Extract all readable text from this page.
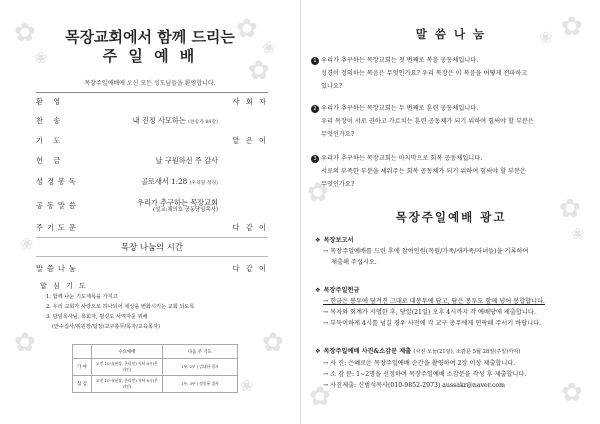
✿
❀
✿
❀
✿
❀
✿	✿
❀
목장교회에서 함께 드리는
주 일 예 배
목장주일예배에 오신 모든 성도님들을 환영합니다.
환 영	사 회 자
찬 송	내 진정 사모하는 (찬송가 88장)
기 도	맡 은 이
헌 금	날 구원하신 주 감사
성경봉독	골로새서 1:28 (우리말 성경)
공동말씀	우리가 추구하는 목장교회
(설교:채의호 공동담임목사)
주기도문	다 같 이
목장 나눔의 시간
말씀나눔	다 같 이
합 심 기 도
1. 함께 나눈 기도제목을 가지고
2. 우리 교회가 사랑으로 하나되어 세상을 변화시키는 교회 되도록
3. 담임목사님, 목회자, 평신도 사역자를 위해
(안수집사/위원장/팀장/교구총무/목자/교육목자)
	수요예배	다음 주 기도
가 야	오전 10시(현장, 온라인) 저녁 8시(온라인)	1부, 2부 | 김대한 집사
섬 김	오전 10시(현장, 온라인) 저녁 8시(온라인)	1부, 3부 | 정종윤 집사
✿
❀
✿
✿
❀
✿	✿
말 씀 나 눔
1 우리가 추구하는 목장교회는 첫 번째로 복음 공동체입니다.
성경이 정의하는 복음은 무엇인가요? 우리 목장은 이 복음을 어떻게 전파하고
있나요?
2 우리가 추구하는 목장교회는 두 번째로 훈련 공동체입니다.
우리 목장이 서로 권하고 가르치는 훈련 공동체가 되기 위하여 힘써야 할 부분은
무엇인가요?
3 우리가 추구하는 목장교회는 마지막으로 회복 공동체입니다.
서로의 부족한 부분을 세워주는 회복 공동체가 되기 위하여 힘써야 할 부분은
무엇인가요?
목장주일예배 광고
❖ 목장보고서
→ 목장주일예배를 드린 후에 참여인원(목원/가족/새가족/자녀들)을 기록하여
제출해 주십시오.
❖ 목장주일헌금
→ 헌금은 봉투에 담겨진 그대로 대봉투에 담고, 담은 봉투도 함께 넣어 봉합합니다.
→ 목자와 회계가 서명한 후, 당일(21일) 오후 4시까지 각 예배당에 제출합니다.
→ 부득이하게 4시를 넘길 경우 사전에 각 교구 총무에게 연락해 주시기 바랍니다.
❖ 목장주일예배 사진&소감문 제출 (사진 오늘(21일), 소감문 5월 28일(주일)까지)
→ 사 진: 은혜로운 목장주일예배 순간을 촬영하여 2장 이상 제출합니다.
→ 소 감 문: 1~2명을 선정하여 목장주일예배 소감문을 작성 후 제출합니다.
→ 사진제출: 신범석목사(010-9852-2973) aussakr@naver.com
